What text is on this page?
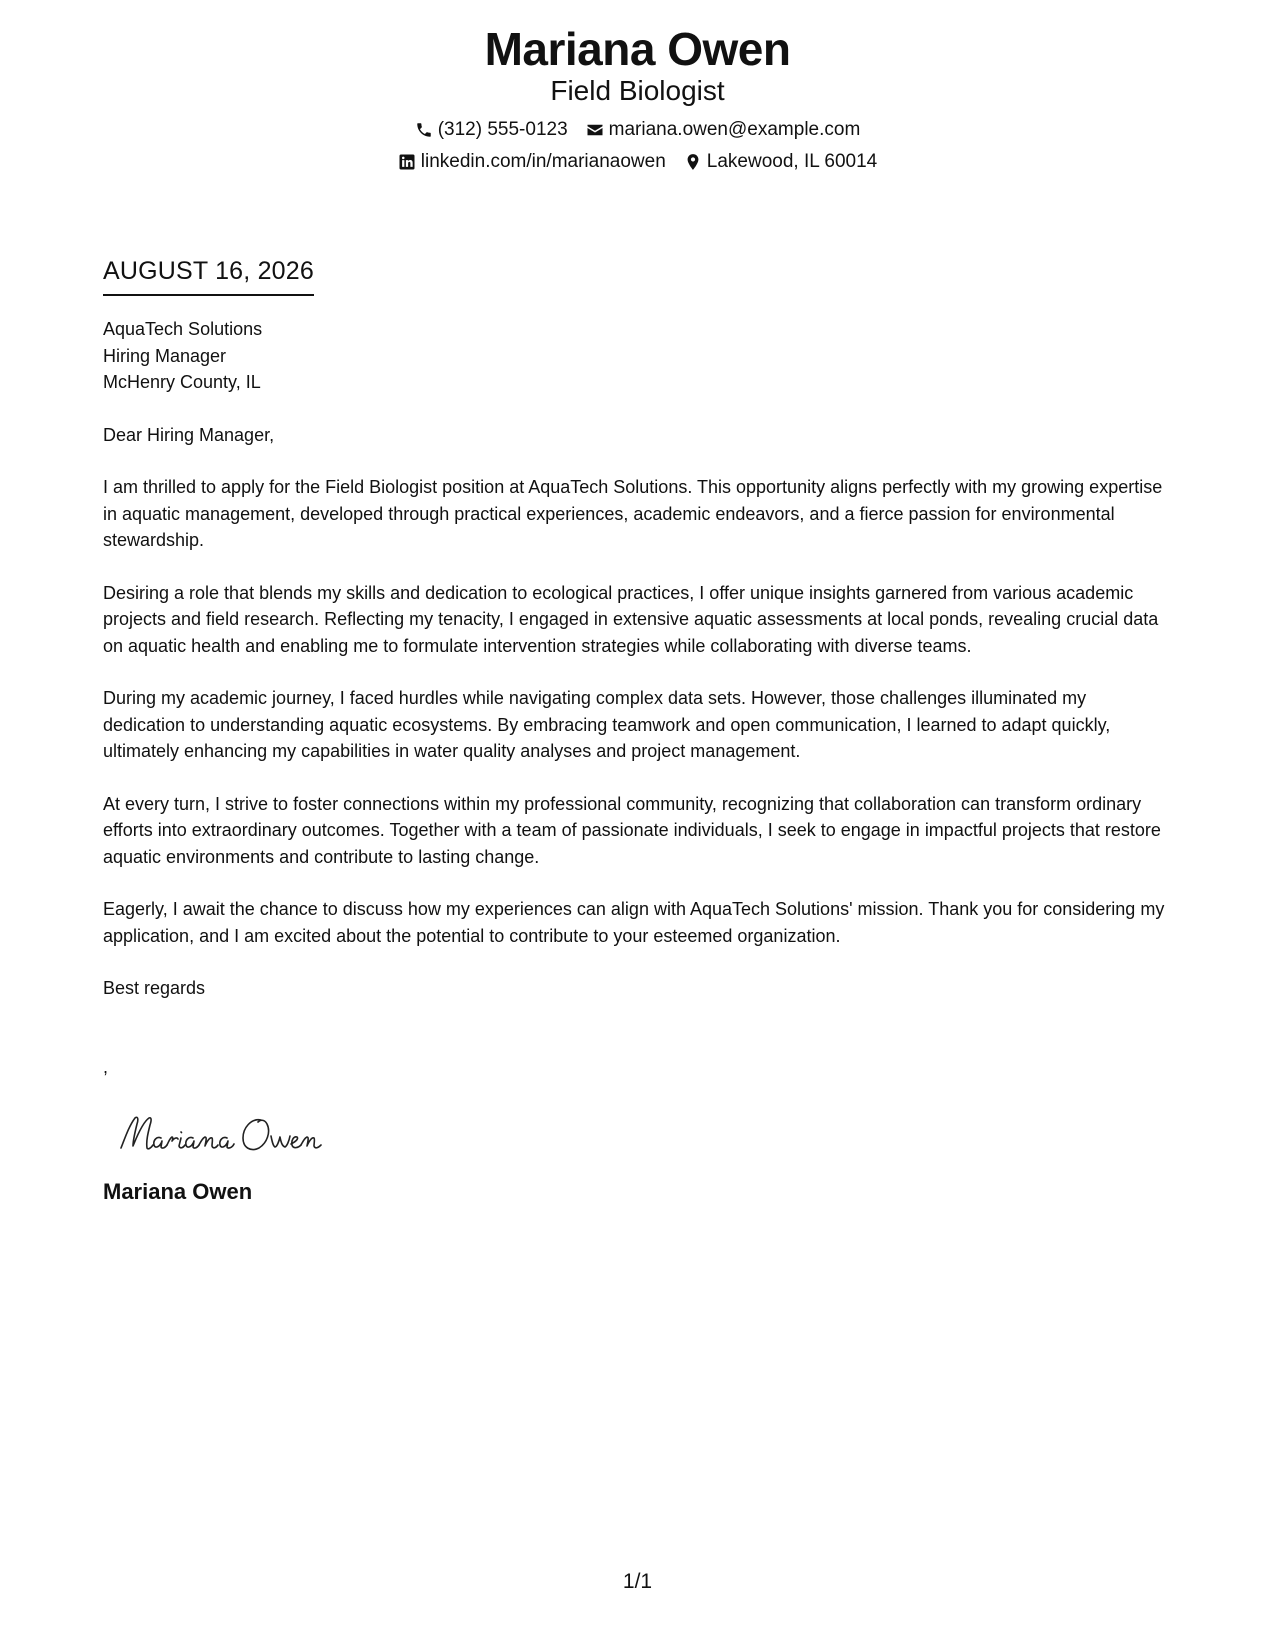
Mariana Owen
Field Biologist
(312) 555-0123 mariana.owen@example.com
linkedin.com/in/marianaowen Lakewood, IL 60014
AUGUST 16, 2026
AquaTech Solutions
Hiring Manager
McHenry County, IL
Dear Hiring Manager,

I am thrilled to apply for the Field Biologist position at AquaTech Solutions. This opportunity aligns perfectly with my growing expertise in aquatic management, developed through practical experiences, academic endeavors, and a fierce passion for environmental stewardship.

Desiring a role that blends my skills and dedication to ecological practices, I offer unique insights garnered from various academic projects and field research. Reflecting my tenacity, I engaged in extensive aquatic assessments at local ponds, revealing crucial data on aquatic health and enabling me to formulate intervention strategies while collaborating with diverse teams.

During my academic journey, I faced hurdles while navigating complex data sets. However, those challenges illuminated my dedication to understanding aquatic ecosystems. By embracing teamwork and open communication, I learned to adapt quickly, ultimately enhancing my capabilities in water quality analyses and project management.

At every turn, I strive to foster connections within my professional community, recognizing that collaboration can transform ordinary efforts into extraordinary outcomes. Together with a team of passionate individuals, I seek to engage in impactful projects that restore aquatic environments and contribute to lasting change.

Eagerly, I await the chance to discuss how my experiences can align with AquaTech Solutions' mission. Thank you for considering my application, and I am excited about the potential to contribute to your esteemed organization.

Best regards
,
Mariana Owen
1/1
